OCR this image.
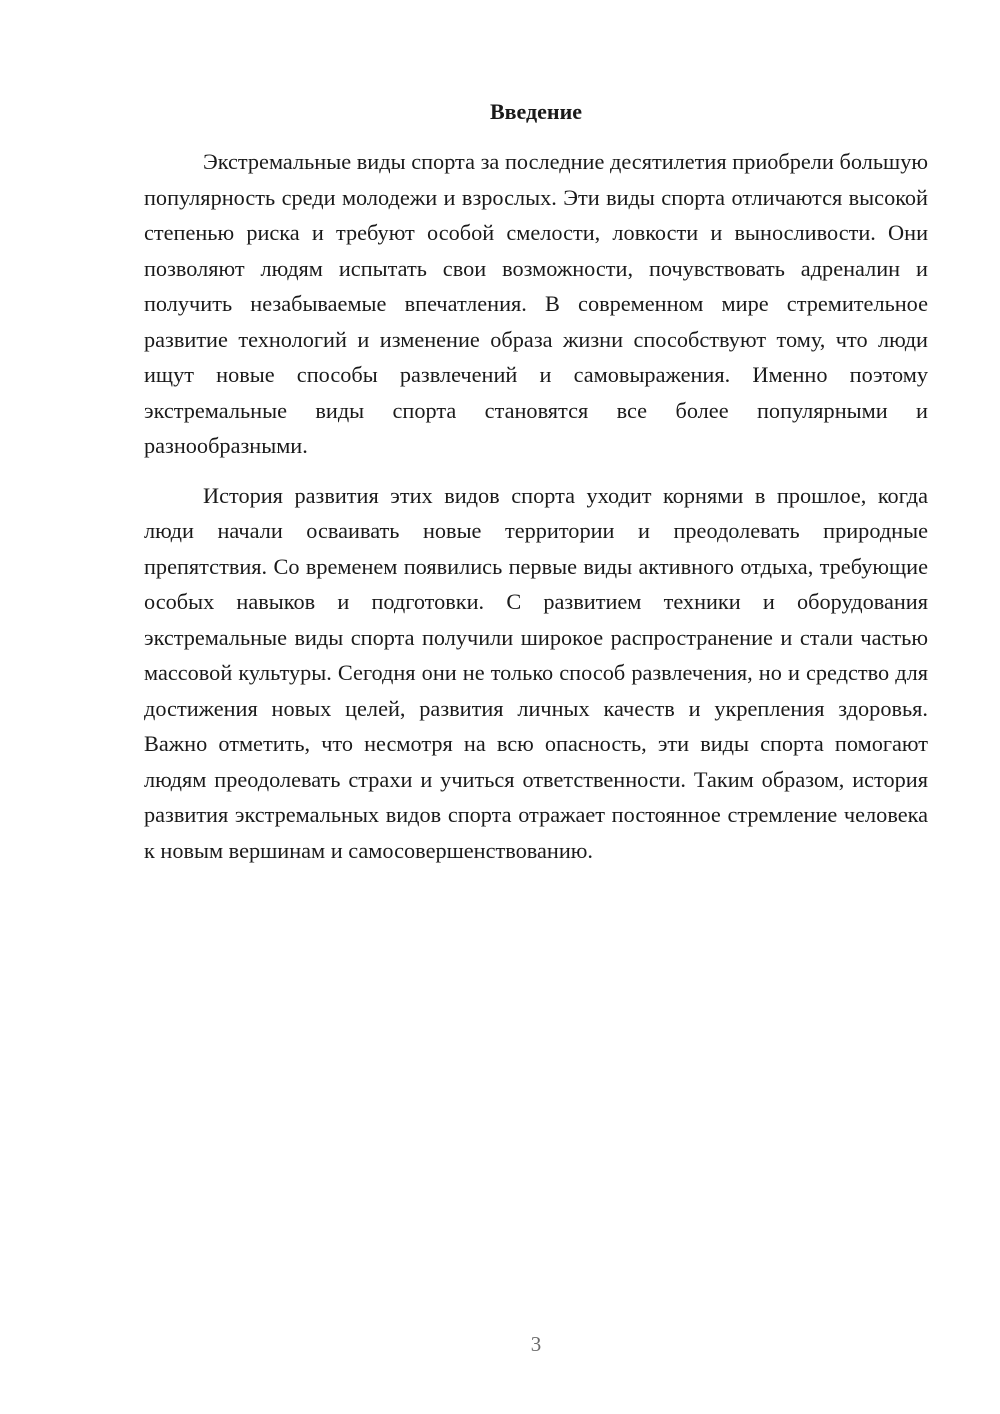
Введение

Экстремальные виды спорта за последние десятилетия приобрели большую популярность среди молодежи и взрослых. Эти виды спорта отличаются высокой степенью риска и требуют особой смелости, ловкости и выносливости. Они позволяют людям испытать свои возможности, почувствовать адреналин и получить незабываемые впечатления. В современном мире стремительное развитие технологий и изменение образа жизни способствуют тому, что люди ищут новые способы развлечений и самовыражения. Именно поэтому экстремальные виды спорта становятся все более популярными и разнообразными.

История развития этих видов спорта уходит корнями в прошлое, когда люди начали осваивать новые территории и преодолевать природные препятствия. Со временем появились первые виды активного отдыха, требующие особых навыков и подготовки. С развитием техники и оборудования экстремальные виды спорта получили широкое распространение и стали частью массовой культуры. Сегодня они не только способ развлечения, но и средство для достижения новых целей, развития личных качеств и укрепления здоровья. Важно отметить, что несмотря на всю опасность, эти виды спорта помогают людям преодолевать страхи и учиться ответственности. Таким образом, история развития экстремальных видов спорта отражает постоянное стремление человека к новым вершинам и самосовершенствованию.

3
